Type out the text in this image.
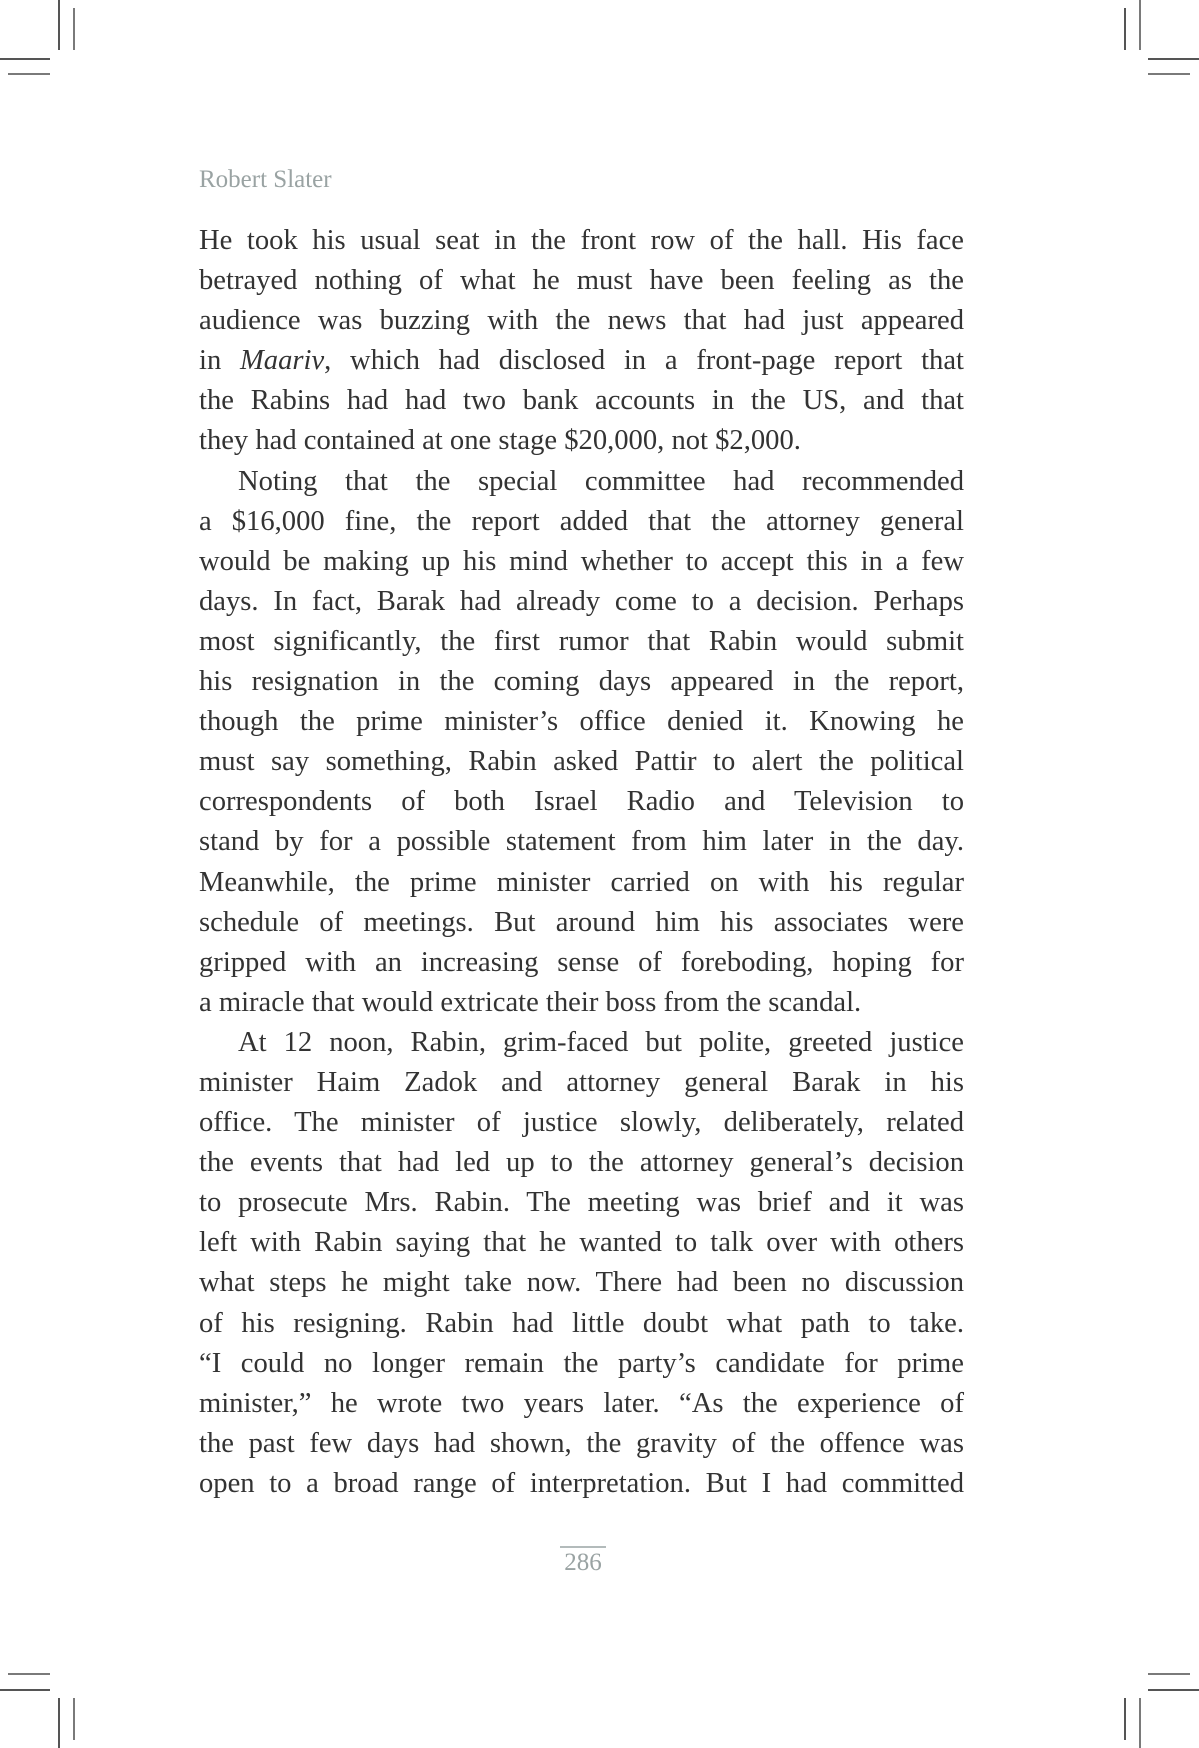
Robert Slater
He took his usual seat in the front row of the hall. His face
betrayed nothing of what he must have been feeling as the
audience was buzzing with the news that had just appeared
in Maariv, which had disclosed in a front-page report that
the Rabins had had two bank accounts in the US, and that
they had contained at one stage $20,000, not $2,000.
Noting that the special committee had recommended
a $16,000 fine, the report added that the attorney general
would be making up his mind whether to accept this in a few
days. In fact, Barak had already come to a decision. Perhaps
most significantly, the first rumor that Rabin would submit
his resignation in the coming days appeared in the report,
though the prime minister’s office denied it. Knowing he
must say something, Rabin asked Pattir to alert the political
correspondents of both Israel Radio and Television to
stand by for a possible statement from him later in the day.
Meanwhile, the prime minister carried on with his regular
schedule of meetings. But around him his associates were
gripped with an increasing sense of foreboding, hoping for
a miracle that would extricate their boss from the scandal.
At 12 noon, Rabin, grim-faced but polite, greeted justice
minister Haim Zadok and attorney general Barak in his
office. The minister of justice slowly, deliberately, related
the events that had led up to the attorney general’s decision
to prosecute Mrs. Rabin. The meeting was brief and it was
left with Rabin saying that he wanted to talk over with others
what steps he might take now. There had been no discussion
of his resigning. Rabin had little doubt what path to take.
“I could no longer remain the party’s candidate for prime
minister,” he wrote two years later. “As the experience of
the past few days had shown, the gravity of the offence was
open to a broad range of interpretation. But I had committed
286
